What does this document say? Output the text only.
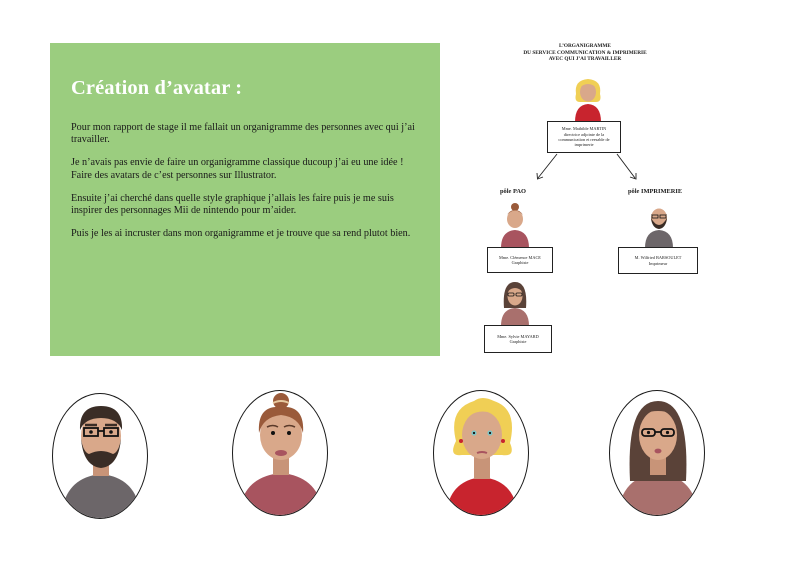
Création d’avatar :

Pour mon rapport de stage il me fallait un organigramme des personnes avec qui j’ai travailler.

Je n’avais pas envie de faire un organigramme classique ducoup j’ai eu une idée ! Faire des avatars de c’est personnes sur Illustrator.

Ensuite j’ai cherché dans quelle style graphique j’allais les faire puis je me suis inspirer des personnages Mii de nintendo pour m’aider.

Puis je les ai incruster dans mon organigramme et je trouve que sa rend plutot bien.

L’ORGANIGRAMME
DU SERVICE COMMUNICATION & IMPRIMERIE
AVEC QUI J’AI TRAVAILLER
Mme. Mathilde MARTIN
directrice adjointe de la communication et reesable de imprimerie
pôle PAO	pôle IMPRIMERIE
Mme. Clémence MACE
Graphiste
M. Wilfried BARSOULET
Imprimeur
Mme. Sylvie MAYARD
Graphiste
